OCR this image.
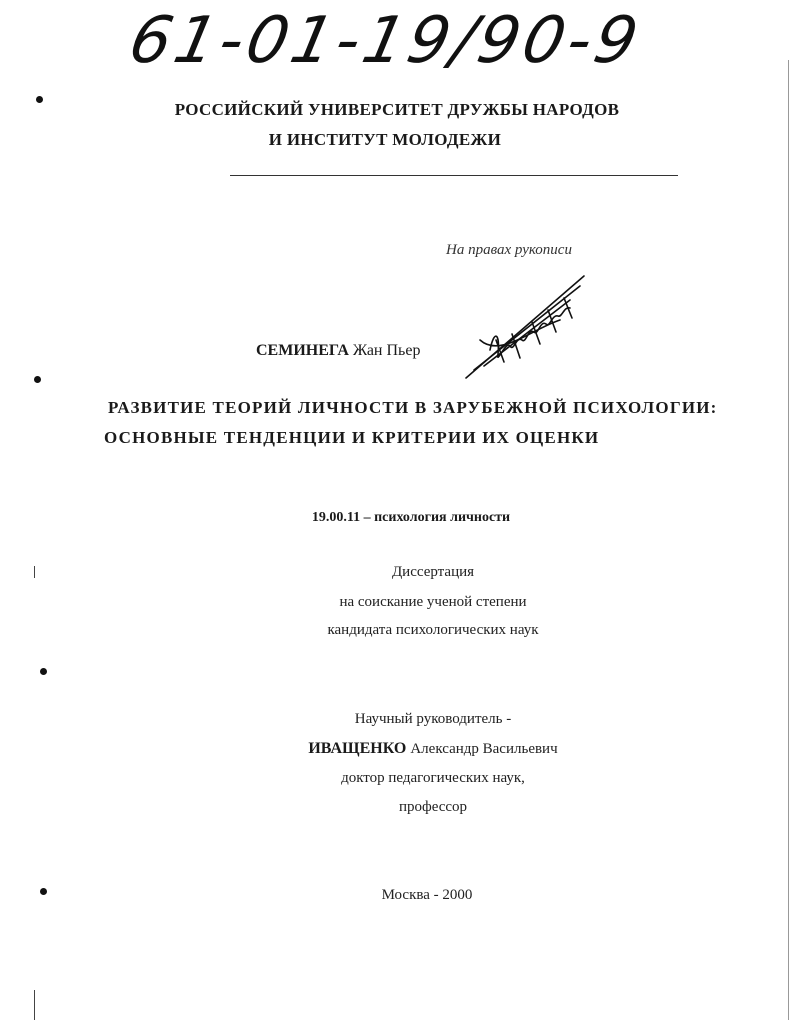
61-01-19/90-9
РОССИЙСКИЙ УНИВЕРСИТЕТ ДРУЖБЫ НАРОДОВ
И ИНСТИТУТ МОЛОДЕЖИ
На правах рукописи
СЕМИНЕГА Жан Пьер
РАЗВИТИЕ ТЕОРИЙ ЛИЧНОСТИ В ЗАРУБЕЖНОЙ ПСИХОЛОГИИ:
ОСНОВНЫЕ ТЕНДЕНЦИИ И КРИТЕРИИ ИХ ОЦЕНКИ
19.00.11 – психология личности
Диссертация
на соискание ученой степени
кандидата психологических наук
Научный руководитель -
ИВАЩЕНКО Александр Васильевич
доктор педагогических наук,
профессор
Москва - 2000
